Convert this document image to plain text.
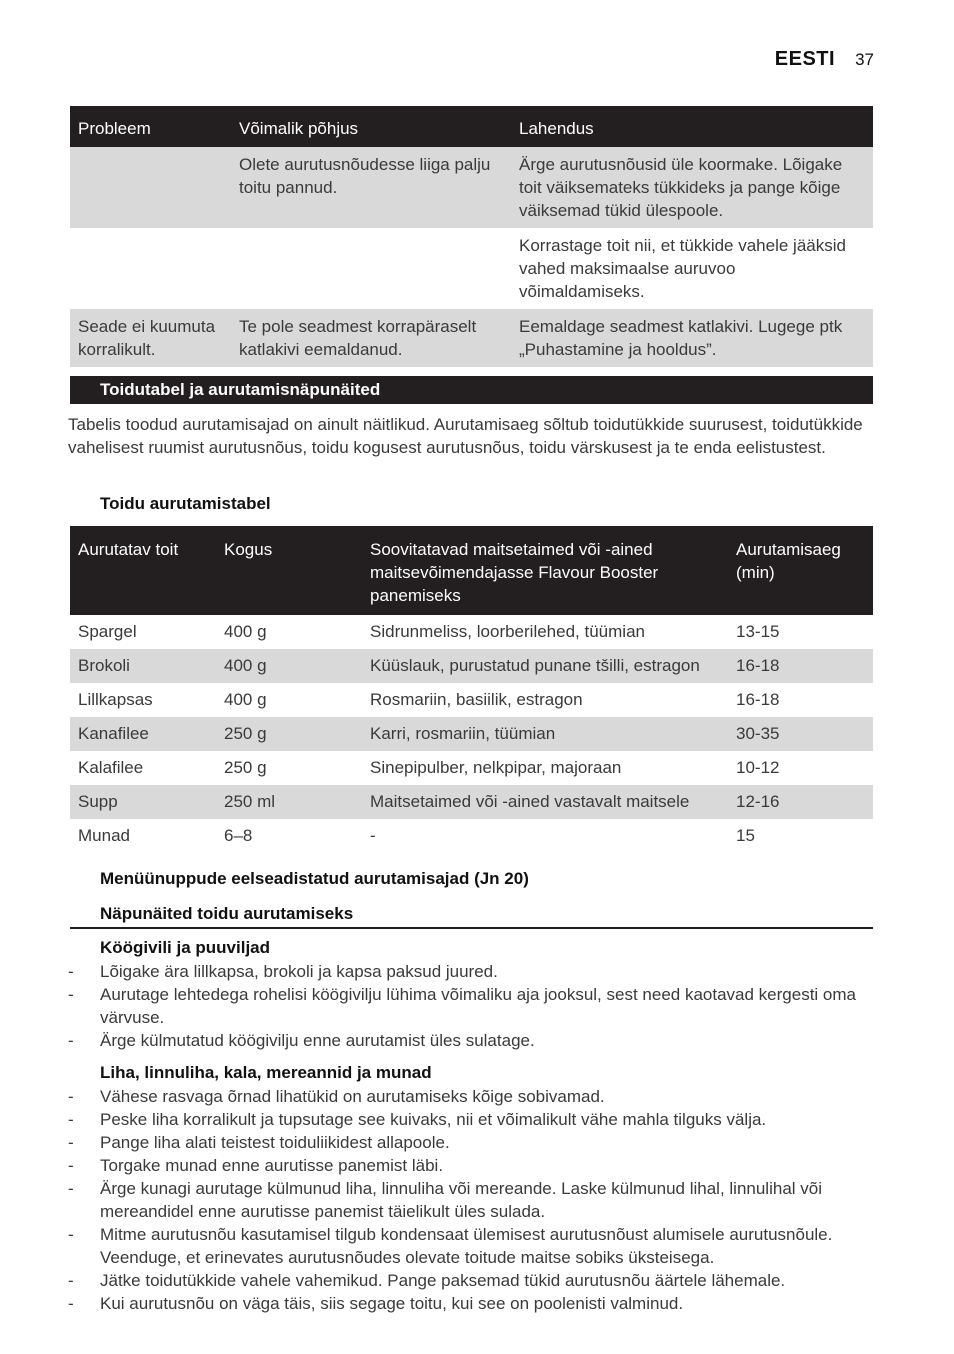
EESTI 37
Probleem	Võimalik põhjus	Lahendus
	Olete aurutusnõudesse liiga palju toitu pannud.	Ärge aurutusnõusid üle koormake. Lõigake toit väiksemateks tükkideks ja pange kõige väiksemad tükid ülespoole.
		Korrastage toit nii, et tükkide vahele jääksid vahed maksimaalse auruvoo võimaldamiseks.
Seade ei kuumuta korralikult.	Te pole seadmest korrapäraselt katlakivi eemaldanud.	Eemaldage seadmest katlakivi. Lugege ptk „Puhastamine ja hooldus”.
Toidutabel ja aurutamisnäpunäited
Tabelis toodud aurutamisajad on ainult näitlikud. Aurutamisaeg sõltub toidutükkide suurusest, toidutükkide vahelisest ruumist aurutusnõus, toidu kogusest aurutusnõus, toidu värskusest ja te enda eelistustest.
Toidu aurutamistabel
Aurutatav toit	Kogus	Soovitatavad maitsetaimed või -ained maitsevõimendajasse Flavour Booster panemiseks	Aurutamisaeg (min)
Spargel	400 g	Sidrunmeliss, loorberilehed, tüümian	13-15
Brokoli	400 g	Küüslauk, purustatud punane tšilli, estragon	16-18
Lillkapsas	400 g	Rosmariin, basiilik, estragon	16-18
Kanafilee	250 g	Karri, rosmariin, tüümian	30-35
Kalafilee	250 g	Sinepipulber, nelkpipar, majoraan	10-12
Supp	250 ml	Maitsetaimed või -ained vastavalt maitsele	12-16
Munad	6–8	-	15
Menüünuppude eelseadistatud aurutamisajad (Jn 20)
Näpunäited toidu aurutamiseks
Köögivili ja puuviljad
- Lõigake ära lillkapsa, brokoli ja kapsa paksud juured.
- Aurutage lehtedega rohelisi köögivilju lühima võimaliku aja jooksul, sest need kaotavad kergesti oma värvuse.
- Ärge külmutatud köögivilju enne aurutamist üles sulatage.
Liha, linnuliha, kala, mereannid ja munad
- Vähese rasvaga õrnad lihatükid on aurutamiseks kõige sobivamad.
- Peske liha korralikult ja tupsutage see kuivaks, nii et võimalikult vähe mahla tilguks välja.
- Pange liha alati teistest toiduliikidest allapoole.
- Torgake munad enne aurutisse panemist läbi.
- Ärge kunagi aurutage külmunud liha, linnuliha või mereande. Laske külmunud lihal, linnulihal või mereandidel enne aurutisse panemist täielikult üles sulada.
- Mitme aurutusnõu kasutamisel tilgub kondensaat ülemisest aurutusnõust alumisele aurutusnõule. Veenduge, et erinevates aurutusnõudes olevate toitude maitse sobiks üksteisega.
- Jätke toidutükkide vahele vahemikud. Pange paksemad tükid aurutusnõu äärtele lähemale.
- Kui aurutusnõu on väga täis, siis segage toitu, kui see on poolenisti valminud.
